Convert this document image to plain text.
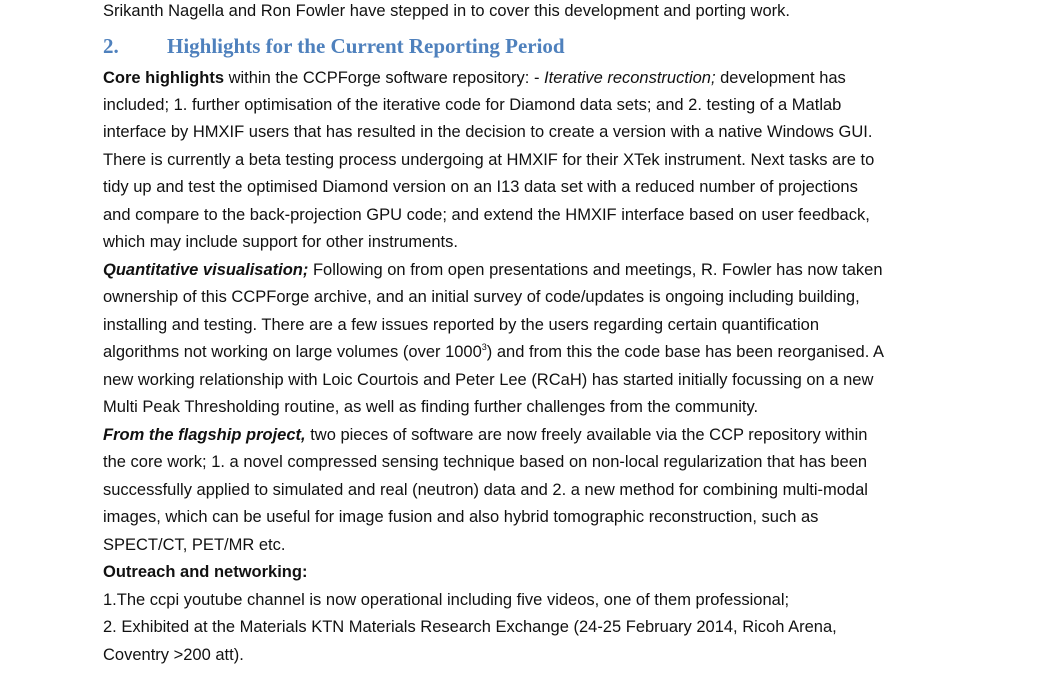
Srikanth Nagella and Ron Fowler have stepped in to cover this development and porting work.
2. Highlights for the Current Reporting Period
Core highlights within the CCPForge software repository: - Iterative reconstruction; development has
included; 1. further optimisation of the iterative code for Diamond data sets; and 2. testing of a Matlab
interface by HMXIF users that has resulted in the decision to create a version with a native Windows GUI.
There is currently a beta testing process undergoing at HMXIF for their XTek instrument. Next tasks are to
tidy up and test the optimised Diamond version on an I13 data set with a reduced number of projections
and compare to the back-projection GPU code; and extend the HMXIF interface based on user feedback,
which may include support for other instruments.
Quantitative visualisation; Following on from open presentations and meetings, R. Fowler has now taken
ownership of this CCPForge archive, and an initial survey of code/updates is ongoing including building,
installing and testing. There are a few issues reported by the users regarding certain quantification
algorithms not working on large volumes (over 1000$^3$) and from this the code base has been reorganised. A
new working relationship with Loic Courtois and Peter Lee (RCaH) has started initially focussing on a new
Multi Peak Thresholding routine, as well as finding further challenges from the community.
From the flagship project, two pieces of software are now freely available via the CCP repository within
the core work; 1. a novel compressed sensing technique based on non-local regularization that has been
successfully applied to simulated and real (neutron) data and 2. a new method for combining multi-modal
images, which can be useful for image fusion and also hybrid tomographic reconstruction, such as
SPECT/CT, PET/MR etc.
Outreach and networking:
1.The ccpi youtube channel is now operational including five videos, one of them professional;
2. Exhibited at the Materials KTN Materials Research Exchange (24-25 February 2014, Ricoh Arena,
Coventry >200 att).
